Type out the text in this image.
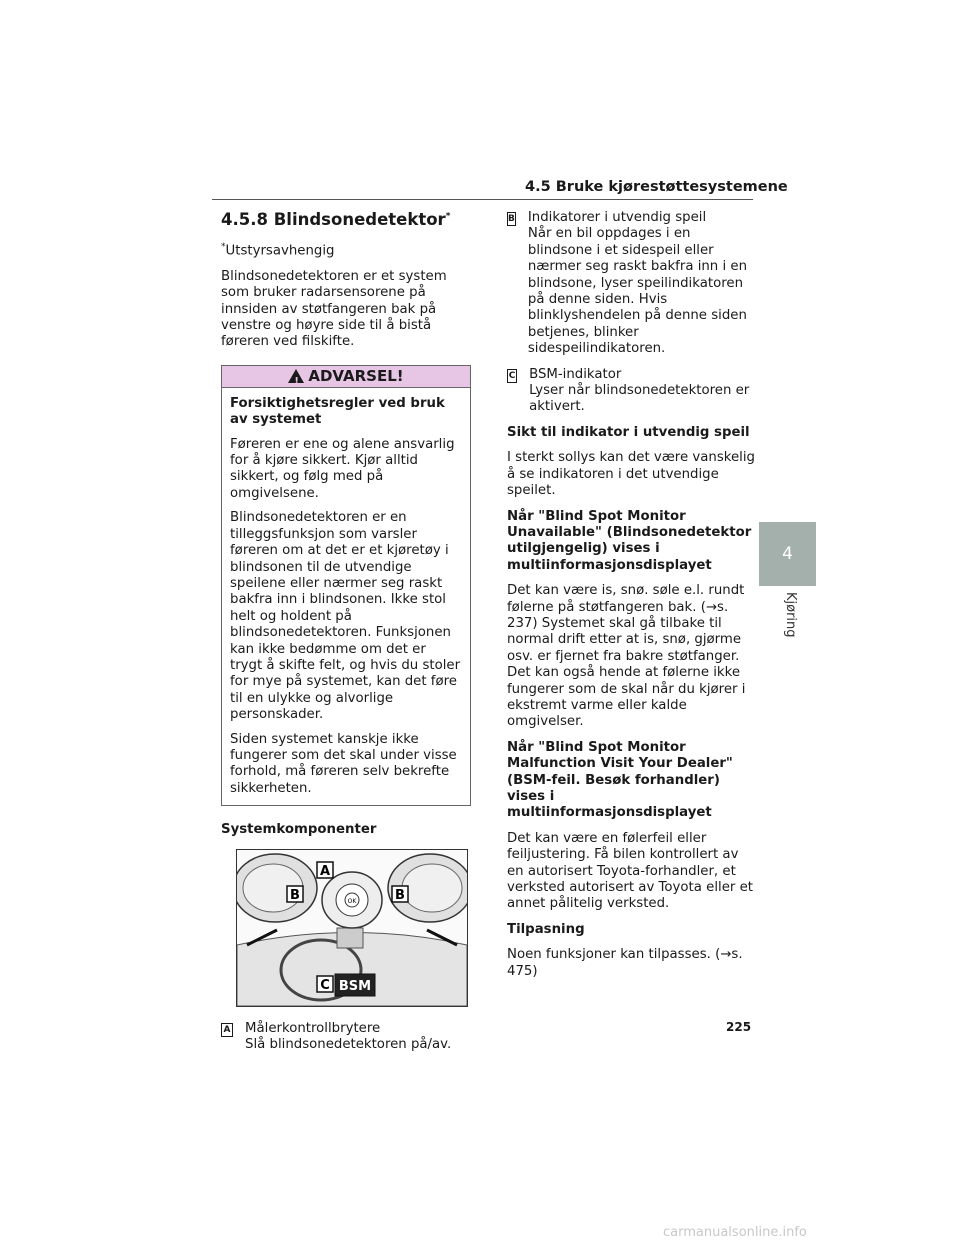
4.5 Bruke kjørestøttesystemene
4.5.8 Blindsonedetektor*
*Utstyrsavhengig
Blindsonedetektoren er et system som bruker radarsensorene på innsiden av støtfangeren bak på venstre og høyre side til å bistå føreren ved filskifte.
!ADVARSEL!
Forsiktighetsregler ved bruk av systemet
Føreren er ene og alene ansvarlig for å kjøre sikkert. Kjør alltid sikkert, og følg med på omgivelsene.
Blindsonedetektoren er en tilleggsfunksjon som varsler føreren om at det er et kjøretøy i blindsonen til de utvendige speilene eller nærmer seg raskt bakfra inn i blindsonen. Ikke stol helt og holdent på blindsonedetektoren. Funksjonen kan ikke bedømme om det er trygt å skifte felt, og hvis du stoler for mye på systemet, kan det føre til en ulykke og alvorlige personskader.
Siden systemet kanskje ikke fungerer som det skal under visse forhold, må føreren selv bekrefte sikkerheten.
Systemkomponenter
OK
A
B	B
C BSM
A Målerkontrollbrytere
Slå blindsonedetektoren på/av.
B Indikatorer i utvendig speil
Når en bil oppdages i en blindsone i et sidespeil eller nærmer seg raskt bakfra inn i en blindsone, lyser speilindikatoren på denne siden. Hvis blinklyshendelen på denne siden betjenes, blinker sidespeilindikatoren.
C BSM-indikator
Lyser når blindsonedetektoren er aktivert.
Sikt til indikator i utvendig speil
I sterkt sollys kan det være vanskelig å se indikatoren i det utvendige speilet.
Når "Blind Spot Monitor Unavailable" (Blindsonedetektor utilgjengelig) vises i multiinformasjonsdisplayet
Det kan være is, snø. søle e.l. rundt følerne på støtfangeren bak. (→s. 237) Systemet skal gå tilbake til normal drift etter at is, snø, gjørme osv. er fjernet fra bakre støtfanger. Det kan også hende at følerne ikke fungerer som de skal når du kjører i ekstremt varme eller kalde omgivelser.
Når "Blind Spot Monitor Malfunction Visit Your Dealer" (BSM-feil. Besøk forhandler) vises i multiinformasjonsdisplayet
Det kan være en følerfeil eller feiljustering. Få bilen kontrollert av en autorisert Toyota-forhandler, et verksted autorisert av Toyota eller et annet pålitelig verksted.
Tilpasning
Noen funksjoner kan tilpasses. (→s. 475)
4
Kjøring
225
carmanualsonline.info
